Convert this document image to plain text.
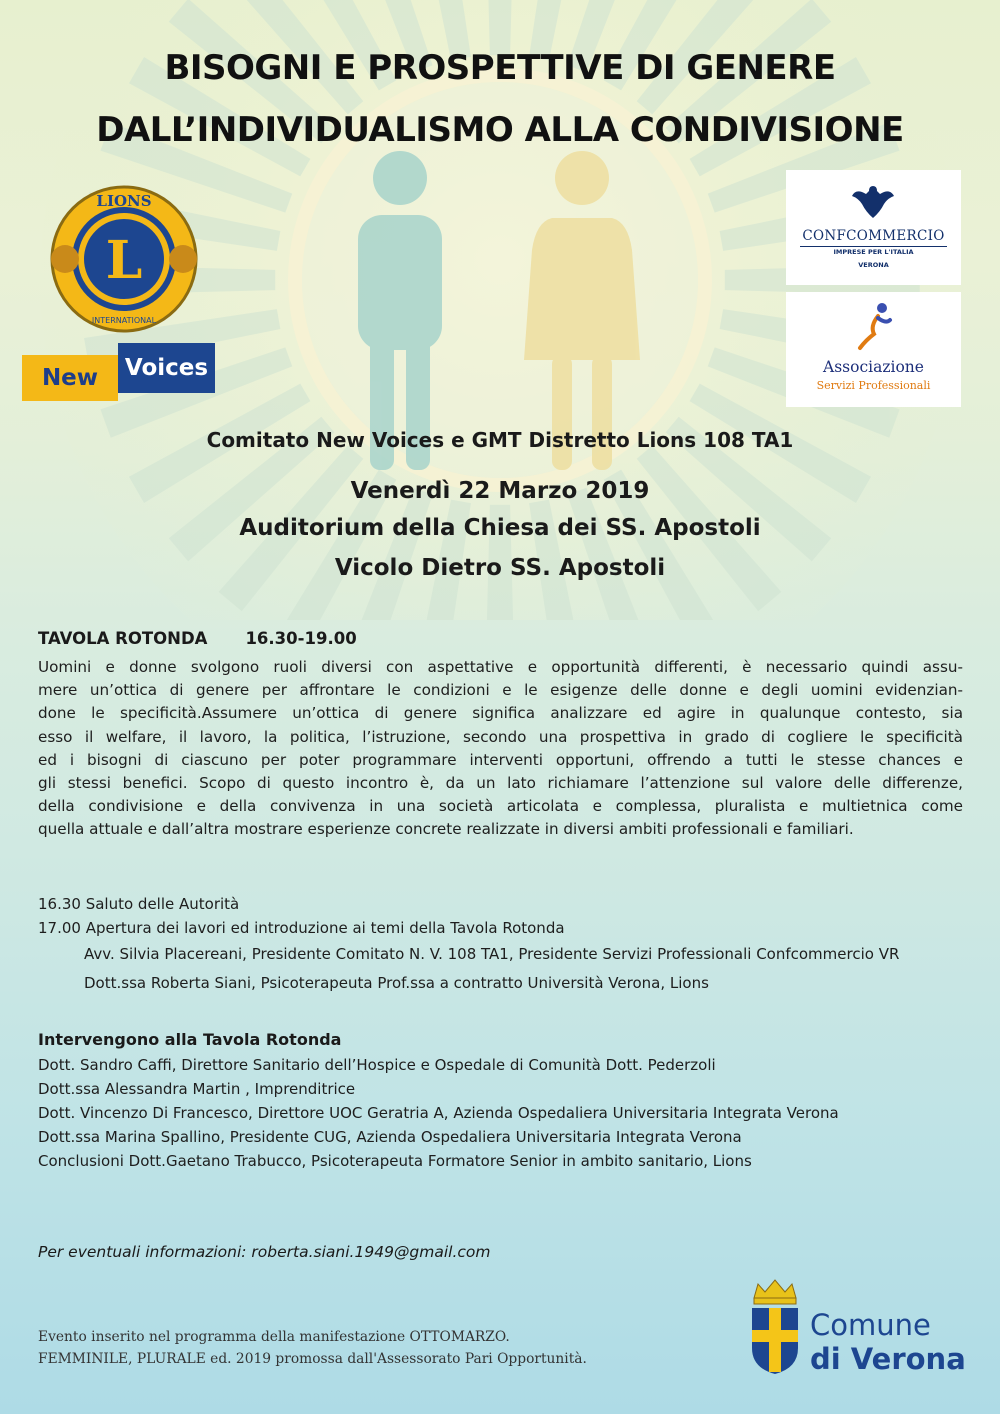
BISOGNI E PROSPETTIVE DI GENERE
DALL’INDIVIDUALISMO ALLA CONDIVISIONE
L
LIONS
INTERNATIONAL
Voices
New
CONFCOMMERCIO
IMPRESE PER L'ITALIA
VERONA
Associazione
Servizi Professionali
Comitato New Voices e GMT Distretto Lions 108 TA1
Venerdì 22 Marzo 2019
Auditorium della Chiesa dei SS. Apostoli
Vicolo Dietro SS. Apostoli
TAVOLA ROTONDA 16.30-19.00
Uomini e donne svolgono ruoli diversi con aspettative e opportunità differenti, è necessario quindi assu-
mere un’ottica di genere per affrontare le condizioni e le esigenze delle donne e degli uomini evidenzian-
done le specificità.Assumere un’ottica di genere significa analizzare ed agire in qualunque contesto, sia
esso il welfare, il lavoro, la politica, l’istruzione, secondo una prospettiva in grado di cogliere le specificità
ed i bisogni di ciascuno per poter programmare interventi opportuni, offrendo a tutti le stesse chances e
gli stessi benefici. Scopo di questo incontro è, da un lato richiamare l’attenzione sul valore delle differenze,
della condivisione e della convivenza in una società articolata e complessa, pluralista e multietnica come
quella attuale e dall’altra mostrare esperienze concrete realizzate in diversi ambiti professionali e familiari.
16.30 Saluto delle Autorità
17.00 Apertura dei lavori ed introduzione ai temi della Tavola Rotonda
Avv. Silvia Placereani, Presidente Comitato N. V. 108 TA1, Presidente Servizi Professionali Confcommercio VR
Dott.ssa Roberta Siani, Psicoterapeuta Prof.ssa a contratto Università Verona, Lions
Intervengono alla Tavola Rotonda
Dott. Sandro Caffi, Direttore Sanitario dell’Hospice e Ospedale di Comunità Dott. Pederzoli
Dott.ssa Alessandra Martin , Imprenditrice
Dott. Vincenzo Di Francesco, Direttore UOC Geratria A, Azienda Ospedaliera Universitaria Integrata Verona
Dott.ssa Marina Spallino, Presidente CUG, Azienda Ospedaliera Universitaria Integrata Verona
Conclusioni Dott.Gaetano Trabucco, Psicoterapeuta Formatore Senior in ambito sanitario, Lions
Per eventuali informazioni: roberta.siani.1949@gmail.com
Evento inserito nel programma della manifestazione OTTOMARZO.
FEMMINILE, PLURALE ed. 2019 promossa dall'Assessorato Pari Opportunità.
Comune
di Verona
